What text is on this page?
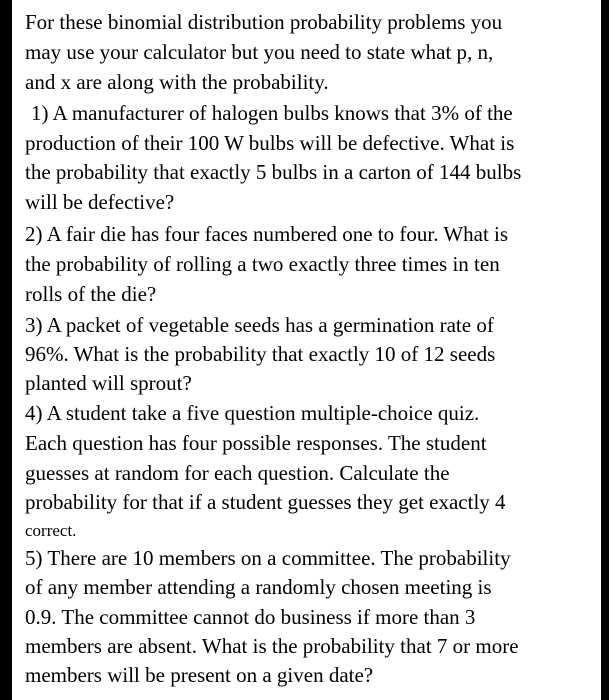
For these binomial distribution probability problems you
may use your calculator but you need to state what p, n,
and x are along with the probability.
1) A manufacturer of halogen bulbs knows that 3% of the
production of their 100 W bulbs will be defective. What is
the probability that exactly 5 bulbs in a carton of 144 bulbs
will be defective?
2) A fair die has four faces numbered one to four. What is
the probability of rolling a two exactly three times in ten
rolls of the die?
3) A packet of vegetable seeds has a germination rate of
96%. What is the probability that exactly 10 of 12 seeds
planted will sprout?
4) A student take a five question multiple-choice quiz.
Each question has four possible responses. The student
guesses at random for each question. Calculate the
probability for that if a student guesses they get exactly 4
correct.
5) There are 10 members on a committee. The probability
of any member attending a randomly chosen meeting is
0.9. The committee cannot do business if more than 3
members are absent. What is the probability that 7 or more
members will be present on a given date?
